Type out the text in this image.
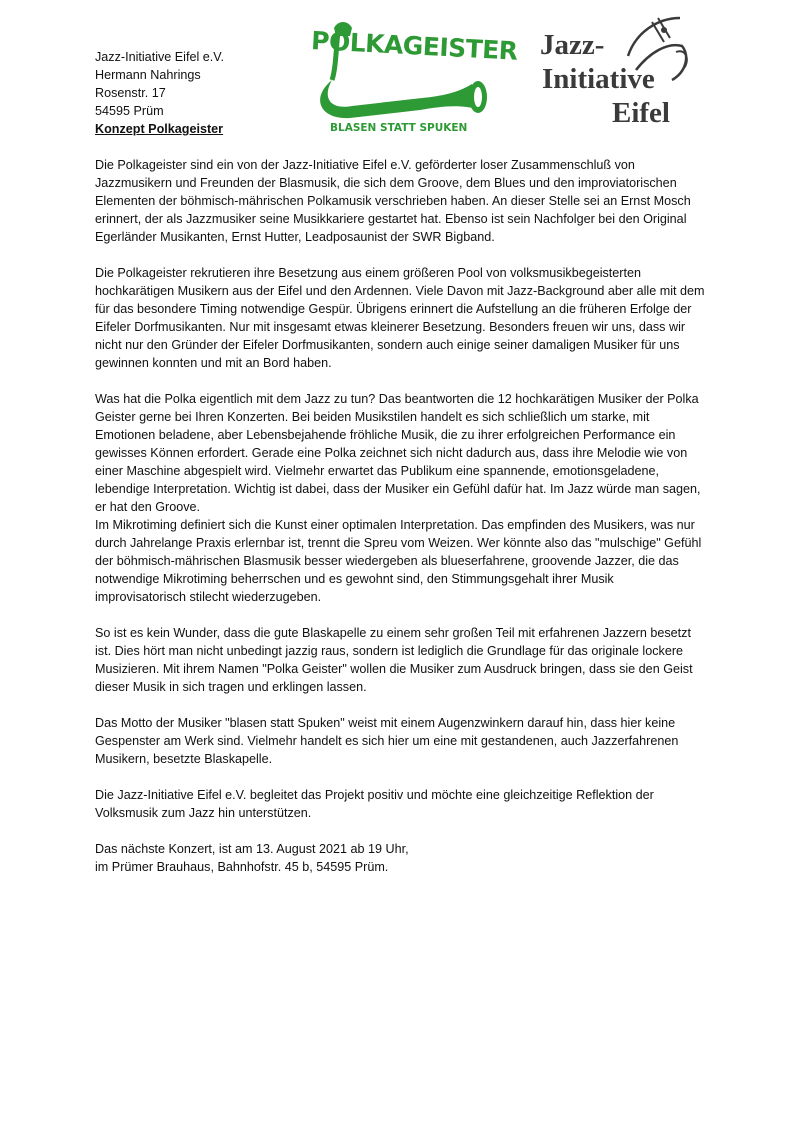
Jazz-Initiative Eifel e.V.
Hermann Nahrings
Rosenstr. 17
54595 Prüm
Konzept Polkageister
POLKAGEISTER
BLASEN STATT SPUKEN
Jazz-
Initiative
Eifel

Die Polkageister sind ein von der Jazz-Initiative Eifel e.V. geförderter loser Zusammenschluß von Jazzmusikern und Freunden der Blasmusik, die sich dem Groove, dem Blues und den improviatorischen Elementen der böhmisch-mährischen Polkamusik verschrieben haben. An dieser Stelle sei an Ernst Mosch erinnert, der als Jazzmusiker seine Musikkariere gestartet hat. Ebenso ist sein Nachfolger bei den Original Egerländer Musikanten, Ernst Hutter, Leadposaunist der SWR Bigband.

Die Polkageister rekrutieren ihre Besetzung aus einem größeren Pool von volksmusikbegeisterten hochkarätigen Musikern aus der Eifel und den Ardennen. Viele Davon mit Jazz-Background aber alle mit dem für das besondere Timing notwendige Gespür. Übrigens erinnert die Aufstellung an die früheren Erfolge der Eifeler Dorfmusikanten. Nur mit insgesamt etwas kleinerer Besetzung. Besonders freuen wir uns, dass wir nicht nur den Gründer der Eifeler Dorfmusikanten, sondern auch einige seiner damaligen Musiker für uns gewinnen konnten und mit an Bord haben.

Was hat die Polka eigentlich mit dem Jazz zu tun? Das beantworten die 12 hochkarätigen Musiker der Polka Geister gerne bei Ihren Konzerten. Bei beiden Musikstilen handelt es sich schließlich um starke, mit Emotionen beladene, aber Lebensbejahende fröhliche Musik, die zu ihrer erfolgreichen Performance ein gewisses Können erfordert. Gerade eine Polka zeichnet sich nicht dadurch aus, dass ihre Melodie wie von einer Maschine abgespielt wird. Vielmehr erwartet das Publikum eine spannende, emotionsgeladene, lebendige Interpretation. Wichtig ist dabei, dass der Musiker ein Gefühl dafür hat. Im Jazz würde man sagen, er hat den Groove.
Im Mikrotiming definiert sich die Kunst einer optimalen Interpretation. Das empfinden des Musikers, was nur durch Jahrelange Praxis erlernbar ist, trennt die Spreu vom Weizen. Wer könnte also das "mulschige" Gefühl der böhmisch-mährischen Blasmusik besser wiedergeben als blueserfahrene, groovende Jazzer, die das notwendige Mikrotiming beherrschen und es gewohnt sind, den Stimmungsgehalt ihrer Musik improvisatorisch stilecht wiederzugeben.

So ist es kein Wunder, dass die gute Blaskapelle zu einem sehr großen Teil mit erfahrenen Jazzern besetzt ist. Dies hört man nicht unbedingt jazzig raus, sondern ist lediglich die Grundlage für das originale lockere Musizieren. Mit ihrem Namen "Polka Geister" wollen die Musiker zum Ausdruck bringen, dass sie den Geist dieser Musik in sich tragen und erklingen lassen.

Das Motto der Musiker "blasen statt Spuken" weist mit einem Augenzwinkern darauf hin, dass hier keine Gespenster am Werk sind. Vielmehr handelt es sich hier um eine mit gestandenen, auch Jazzerfahrenen Musikern, besetzte Blaskapelle.

Die Jazz-Initiative Eifel e.V. begleitet das Projekt positiv und möchte eine gleichzeitige Reflektion der Volksmusik zum Jazz hin unterstützen.

Das nächste Konzert, ist am 13. August 2021 ab 19 Uhr,
im Prümer Brauhaus, Bahnhofstr. 45 b, 54595 Prüm.
